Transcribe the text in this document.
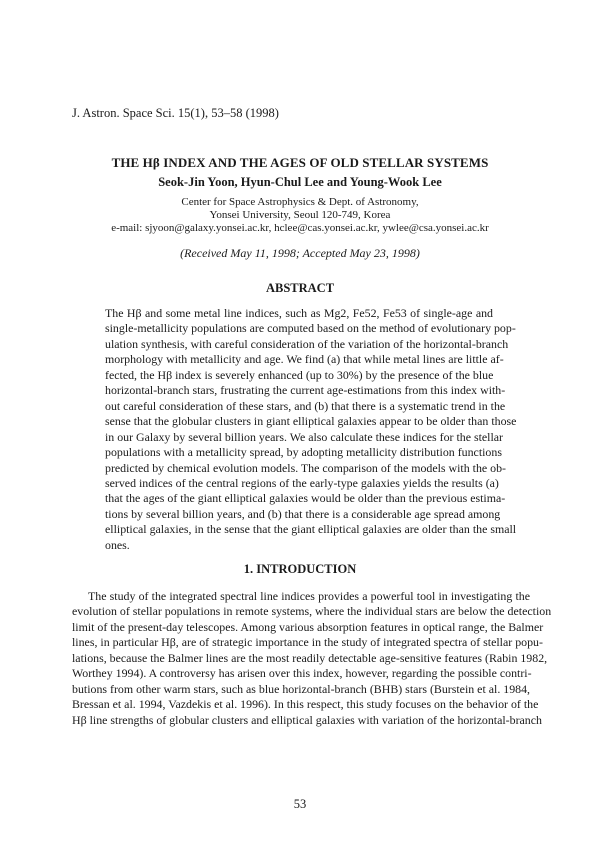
J. Astron. Space Sci. 15(1), 53–58 (1998)
THE Hβ INDEX AND THE AGES OF OLD STELLAR SYSTEMS
Seok-Jin Yoon, Hyun-Chul Lee and Young-Wook Lee
Center for Space Astrophysics & Dept. of Astronomy,
Yonsei University, Seoul 120-749, Korea
e-mail: sjyoon@galaxy.yonsei.ac.kr, hclee@cas.yonsei.ac.kr, ywlee@csa.yonsei.ac.kr
(Received May 11, 1998; Accepted May 23, 1998)
ABSTRACT
The Hβ and some metal line indices, such as Mg2, Fe52, Fe53 of single-age and
single-metallicity populations are computed based on the method of evolutionary pop-
ulation synthesis, with careful consideration of the variation of the horizontal-branch
morphology with metallicity and age. We find (a) that while metal lines are little af-
fected, the Hβ index is severely enhanced (up to 30%) by the presence of the blue
horizontal-branch stars, frustrating the current age-estimations from this index with-
out careful consideration of these stars, and (b) that there is a systematic trend in the
sense that the globular clusters in giant elliptical galaxies appear to be older than those
in our Galaxy by several billion years. We also calculate these indices for the stellar
populations with a metallicity spread, by adopting metallicity distribution functions
predicted by chemical evolution models. The comparison of the models with the ob-
served indices of the central regions of the early-type galaxies yields the results (a)
that the ages of the giant elliptical galaxies would be older than the previous estima-
tions by several billion years, and (b) that there is a considerable age spread among
elliptical galaxies, in the sense that the giant elliptical galaxies are older than the small
ones.
1. INTRODUCTION
The study of the integrated spectral line indices provides a powerful tool in investigating the
evolution of stellar populations in remote systems, where the individual stars are below the detection
limit of the present-day telescopes. Among various absorption features in optical range, the Balmer
lines, in particular Hβ, are of strategic importance in the study of integrated spectra of stellar popu-
lations, because the Balmer lines are the most readily detectable age-sensitive features (Rabin 1982,
Worthey 1994). A controversy has arisen over this index, however, regarding the possible contri-
butions from other warm stars, such as blue horizontal-branch (BHB) stars (Burstein et al. 1984,
Bressan et al. 1994, Vazdekis et al. 1996). In this respect, this study focuses on the behavior of the
Hβ line strengths of globular clusters and elliptical galaxies with variation of the horizontal-branch
53
